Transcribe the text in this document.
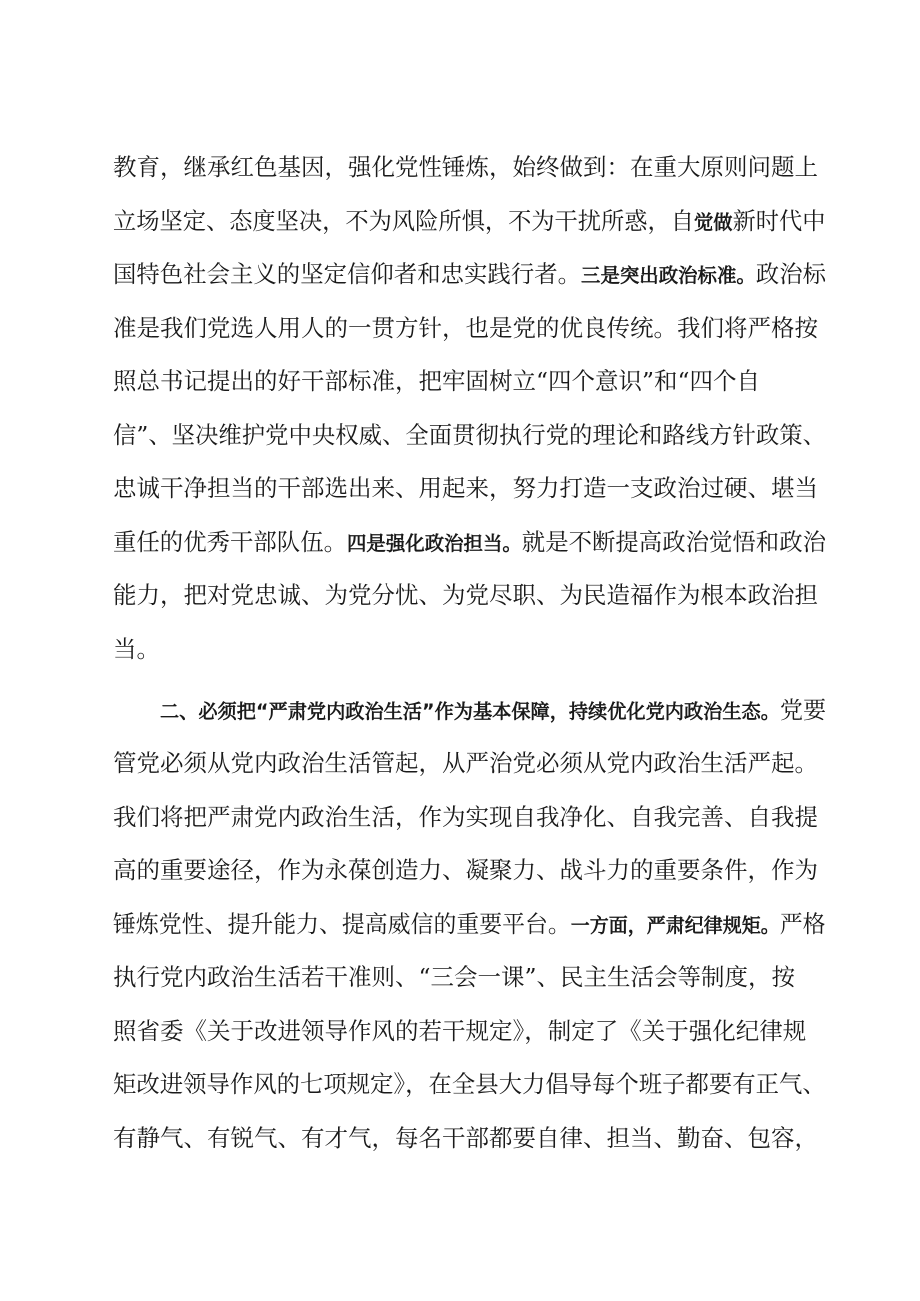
教育，继承红色基因，强化党性锤炼，始终做到：在重大原则问题上
立场坚定、态度坚决，不为风险所惧，不为干扰所惑，自觉做新时代中
国特色社会主义的坚定信仰者和忠实践行者。三是突出政治标准。政治标
准是我们党选人用人的一贯方针，也是党的优良传统。我们将严格按
照总书记提出的好干部标准，把牢固树立“四个意识”和“四个自
信”、坚决维护党中央权威、全面贯彻执行党的理论和路线方针政策、
忠诚干净担当的干部选出来、用起来，努力打造一支政治过硬、堪当
重任的优秀干部队伍。四是强化政治担当。就是不断提高政治觉悟和政治
能力，把对党忠诚、为党分忧、为党尽职、为民造福作为根本政治担
当。
二、必须把“严肃党内政治生活”作为基本保障，持续优化党内政治生态。党要
管党必须从党内政治生活管起，从严治党必须从党内政治生活严起。
我们将把严肃党内政治生活，作为实现自我净化、自我完善、自我提
高的重要途径，作为永葆创造力、凝聚力、战斗力的重要条件，作为
锤炼党性、提升能力、提高威信的重要平台。一方面，严肃纪律规矩。严格
执行党内政治生活若干准则、“三会一课”、民主生活会等制度，按
照省委《关于改进领导作风的若干规定》，制定了《关于强化纪律规
矩改进领导作风的七项规定》，在全县大力倡导每个班子都要有正气、
有静气、有锐气、有才气，每名干部都要自律、担当、勤奋、包容，
